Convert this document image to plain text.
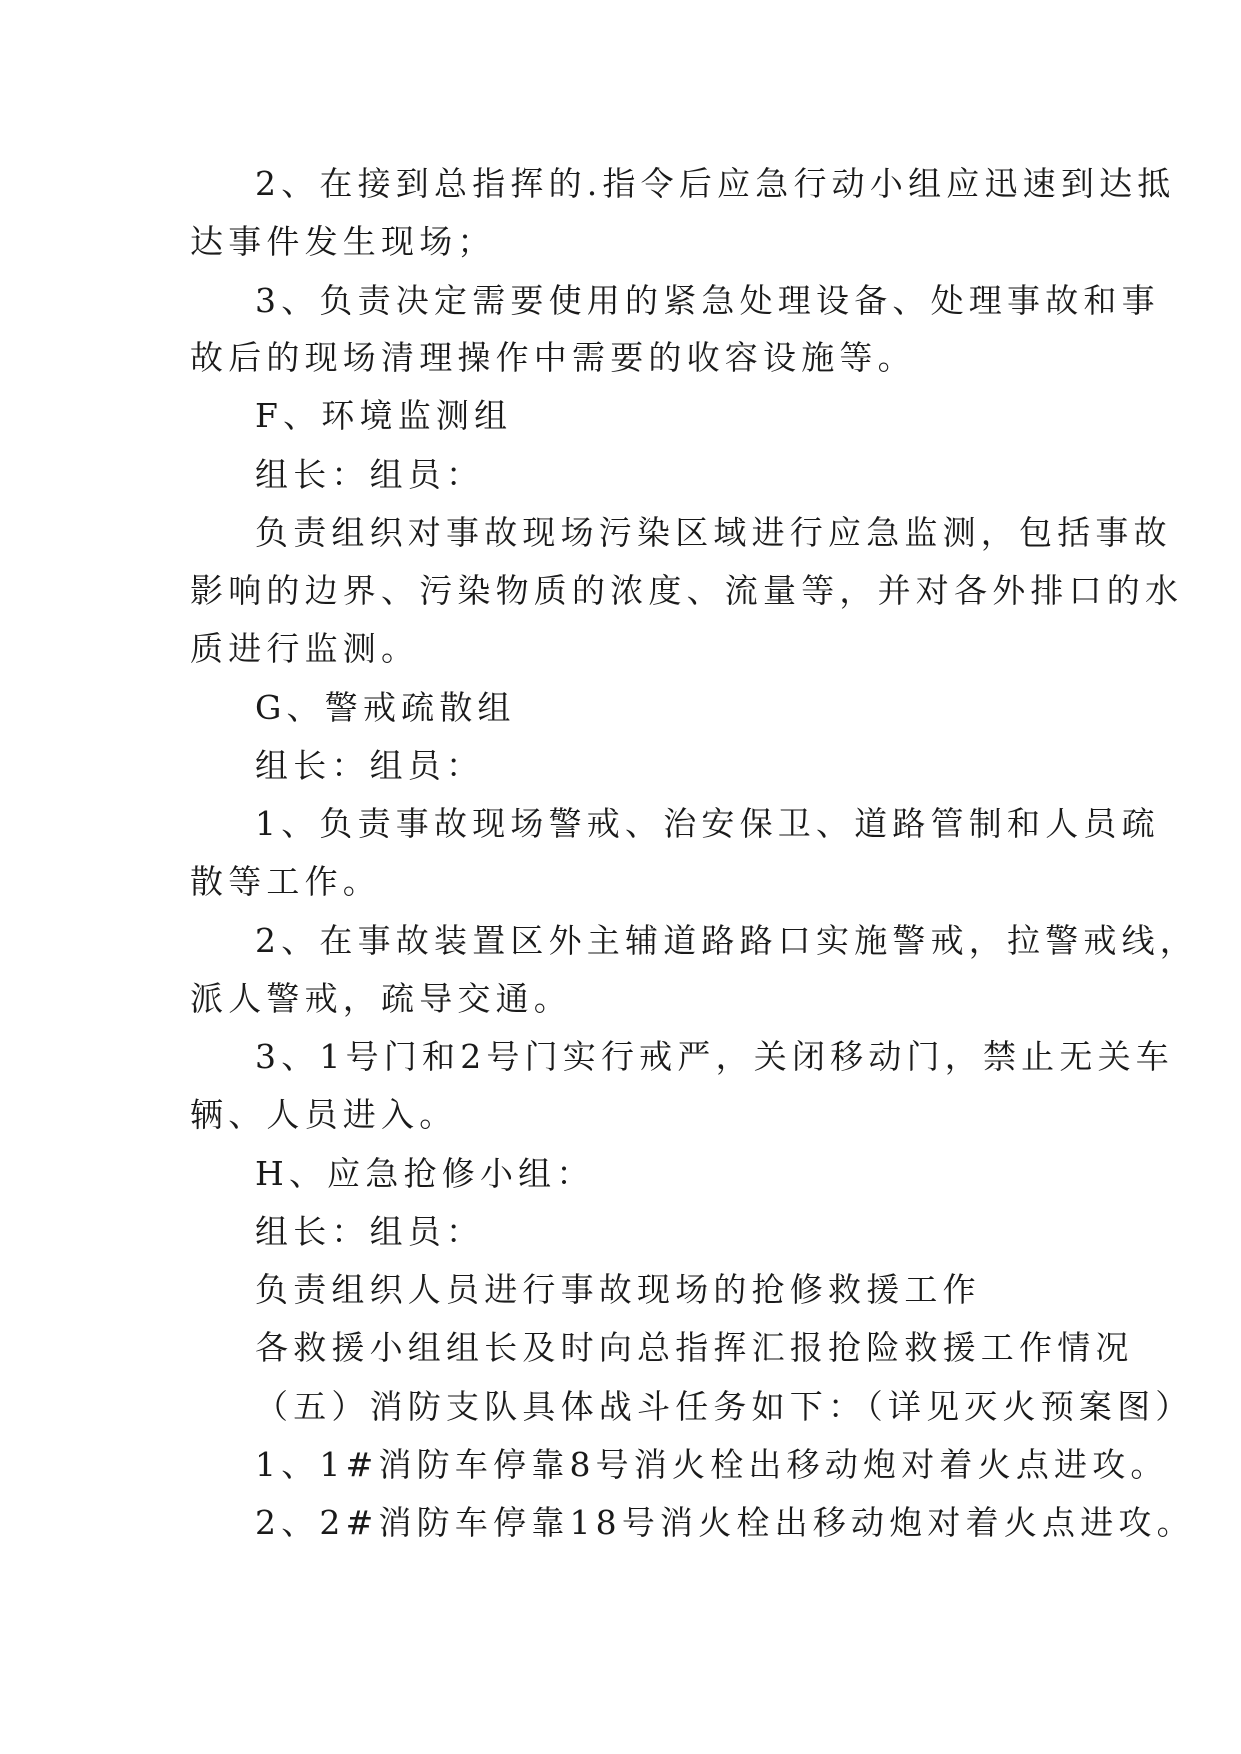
2、在接到总指挥的.指令后应急行动小组应迅速到达抵
达事件发生现场；
3、负责决定需要使用的紧急处理设备、处理事故和事
故后的现场清理操作中需要的收容设施等。
F、环境监测组
组长：组员：
负责组织对事故现场污染区域进行应急监测，包括事故
影响的边界、污染物质的浓度、流量等，并对各外排口的水
质进行监测。
G、警戒疏散组
组长：组员：
1、负责事故现场警戒、治安保卫、道路管制和人员疏
散等工作。
2、在事故装置区外主辅道路路口实施警戒，拉警戒线，
派人警戒，疏导交通。
3、1号门和2号门实行戒严，关闭移动门，禁止无关车
辆、人员进入。
H、应急抢修小组：
组长：组员：
负责组织人员进行事故现场的抢修救援工作
各救援小组组长及时向总指挥汇报抢险救援工作情况
（五）消防支队具体战斗任务如下：（详见灭火预案图）
1、1#消防车停靠8号消火栓出移动炮对着火点进攻。
2、2#消防车停靠18号消火栓出移动炮对着火点进攻。
